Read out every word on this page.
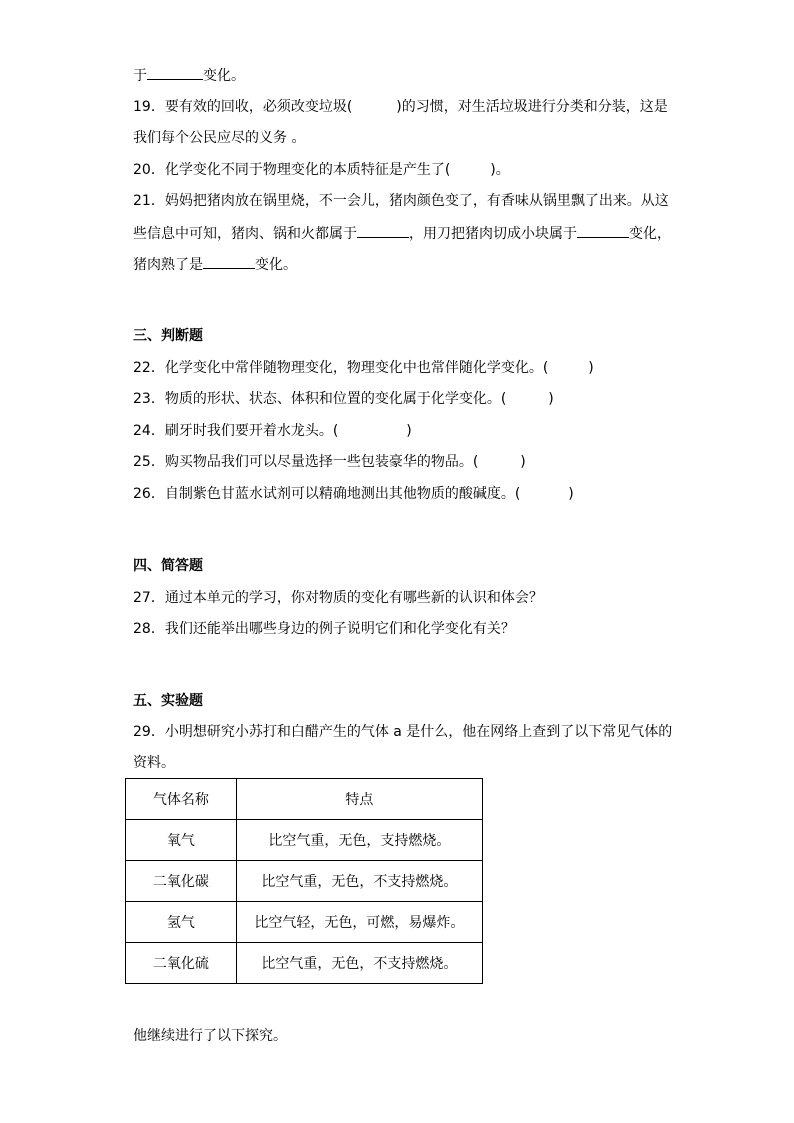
于	变化。

19．要有效的回收，必须改变垃圾(	)的习惯，对生活垃圾进行分类和分装，这是

我们每个公民应尽的义务 。

20．化学变化不同于物理变化的本质特征是产生了(	)。

21．妈妈把猪肉放在锅里烧，不一会儿，猪肉颜色变了，有香味从锅里飘了出来。从这

些信息中可知，猪肉、锅和火都属于	，用刀把猪肉切成小块属于	变化，

猪肉熟了是	变化。

三、判断题

22．化学变化中常伴随物理变化，物理变化中也常伴随化学变化。(	)

23．物质的形状、状态、体积和位置的变化属于化学变化。(	)

24．刷牙时我们要开着水龙头。(	)

25．购买物品我们可以尽量选择一些包装豪华的物品。(	)

26．自制紫色甘蓝水试剂可以精确地测出其他物质的酸碱度。(	)

四、简答题

27．通过本单元的学习，你对物质的变化有哪些新的认识和体会？

28．我们还能举出哪些身边的例子说明它们和化学变化有关？

五、实验题

29．小明想研究小苏打和白醋产生的气体 a 是什么，他在网络上查到了以下常见气体的

资料。

气体名称	特点
氧气	比空气重，无色，支持燃烧。
二氧化碳	比空气重，无色，不支持燃烧。
氢气	比空气轻，无色，可燃，易爆炸。
二氧化硫	比空气重，无色，不支持燃烧。

他继续进行了以下探究。
